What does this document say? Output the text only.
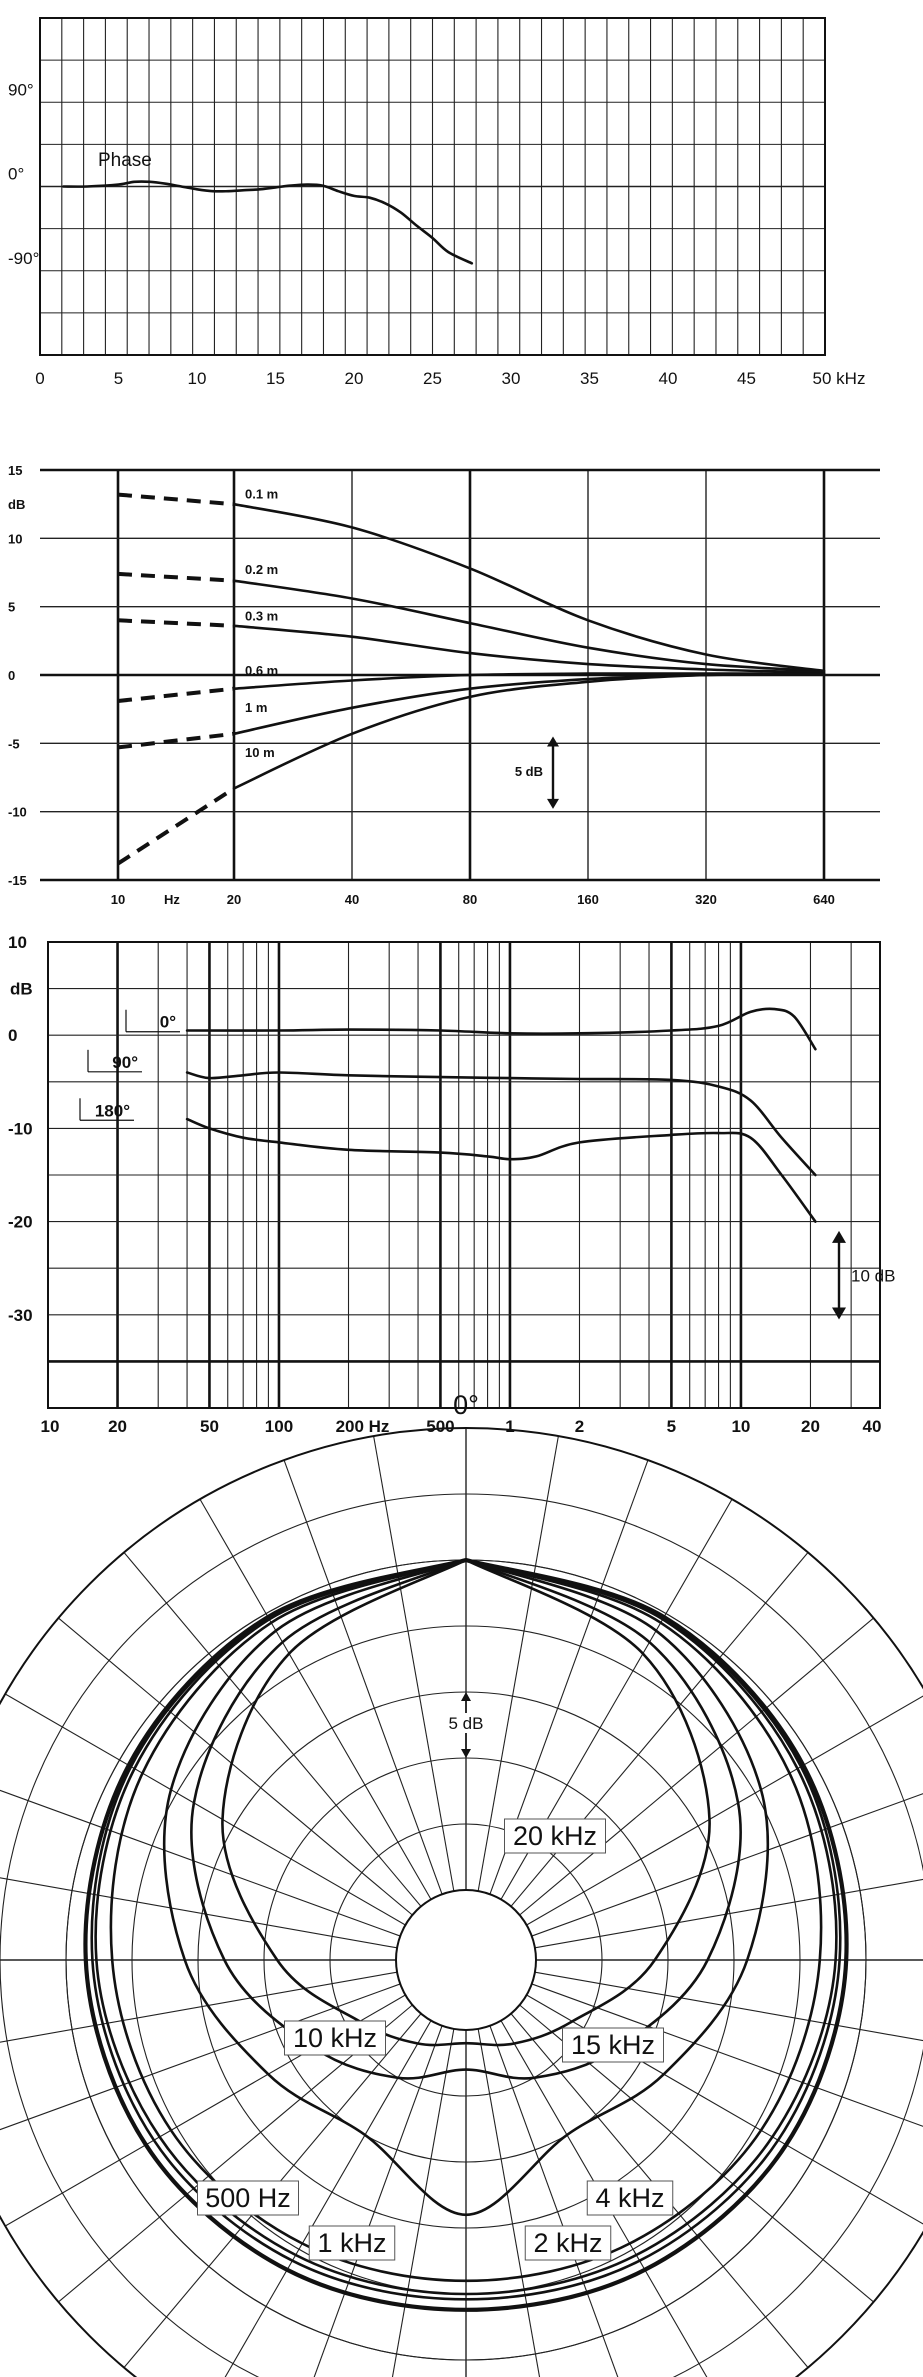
0	5	10	15	20	25	30	35	40	45	50 kHz
90°
0°
-90°
Phase
15
10
5
0
-5
-10
-15
dB
10	20	40	80	160	320	640
Hz
0.1 m
0.2 m
0.3 m
0.6 m
1 m
10 m
5 dB
10	20	50	100 200 Hz 500	1	2	5	10	20	40
10
0
-10
-20
-30
dB
0°
90°
180°
10 dB
0°
5 dB
500 Hz
1 kHz	2 kHz
4 kHz
10 kHz	15 kHz
20 kHz
